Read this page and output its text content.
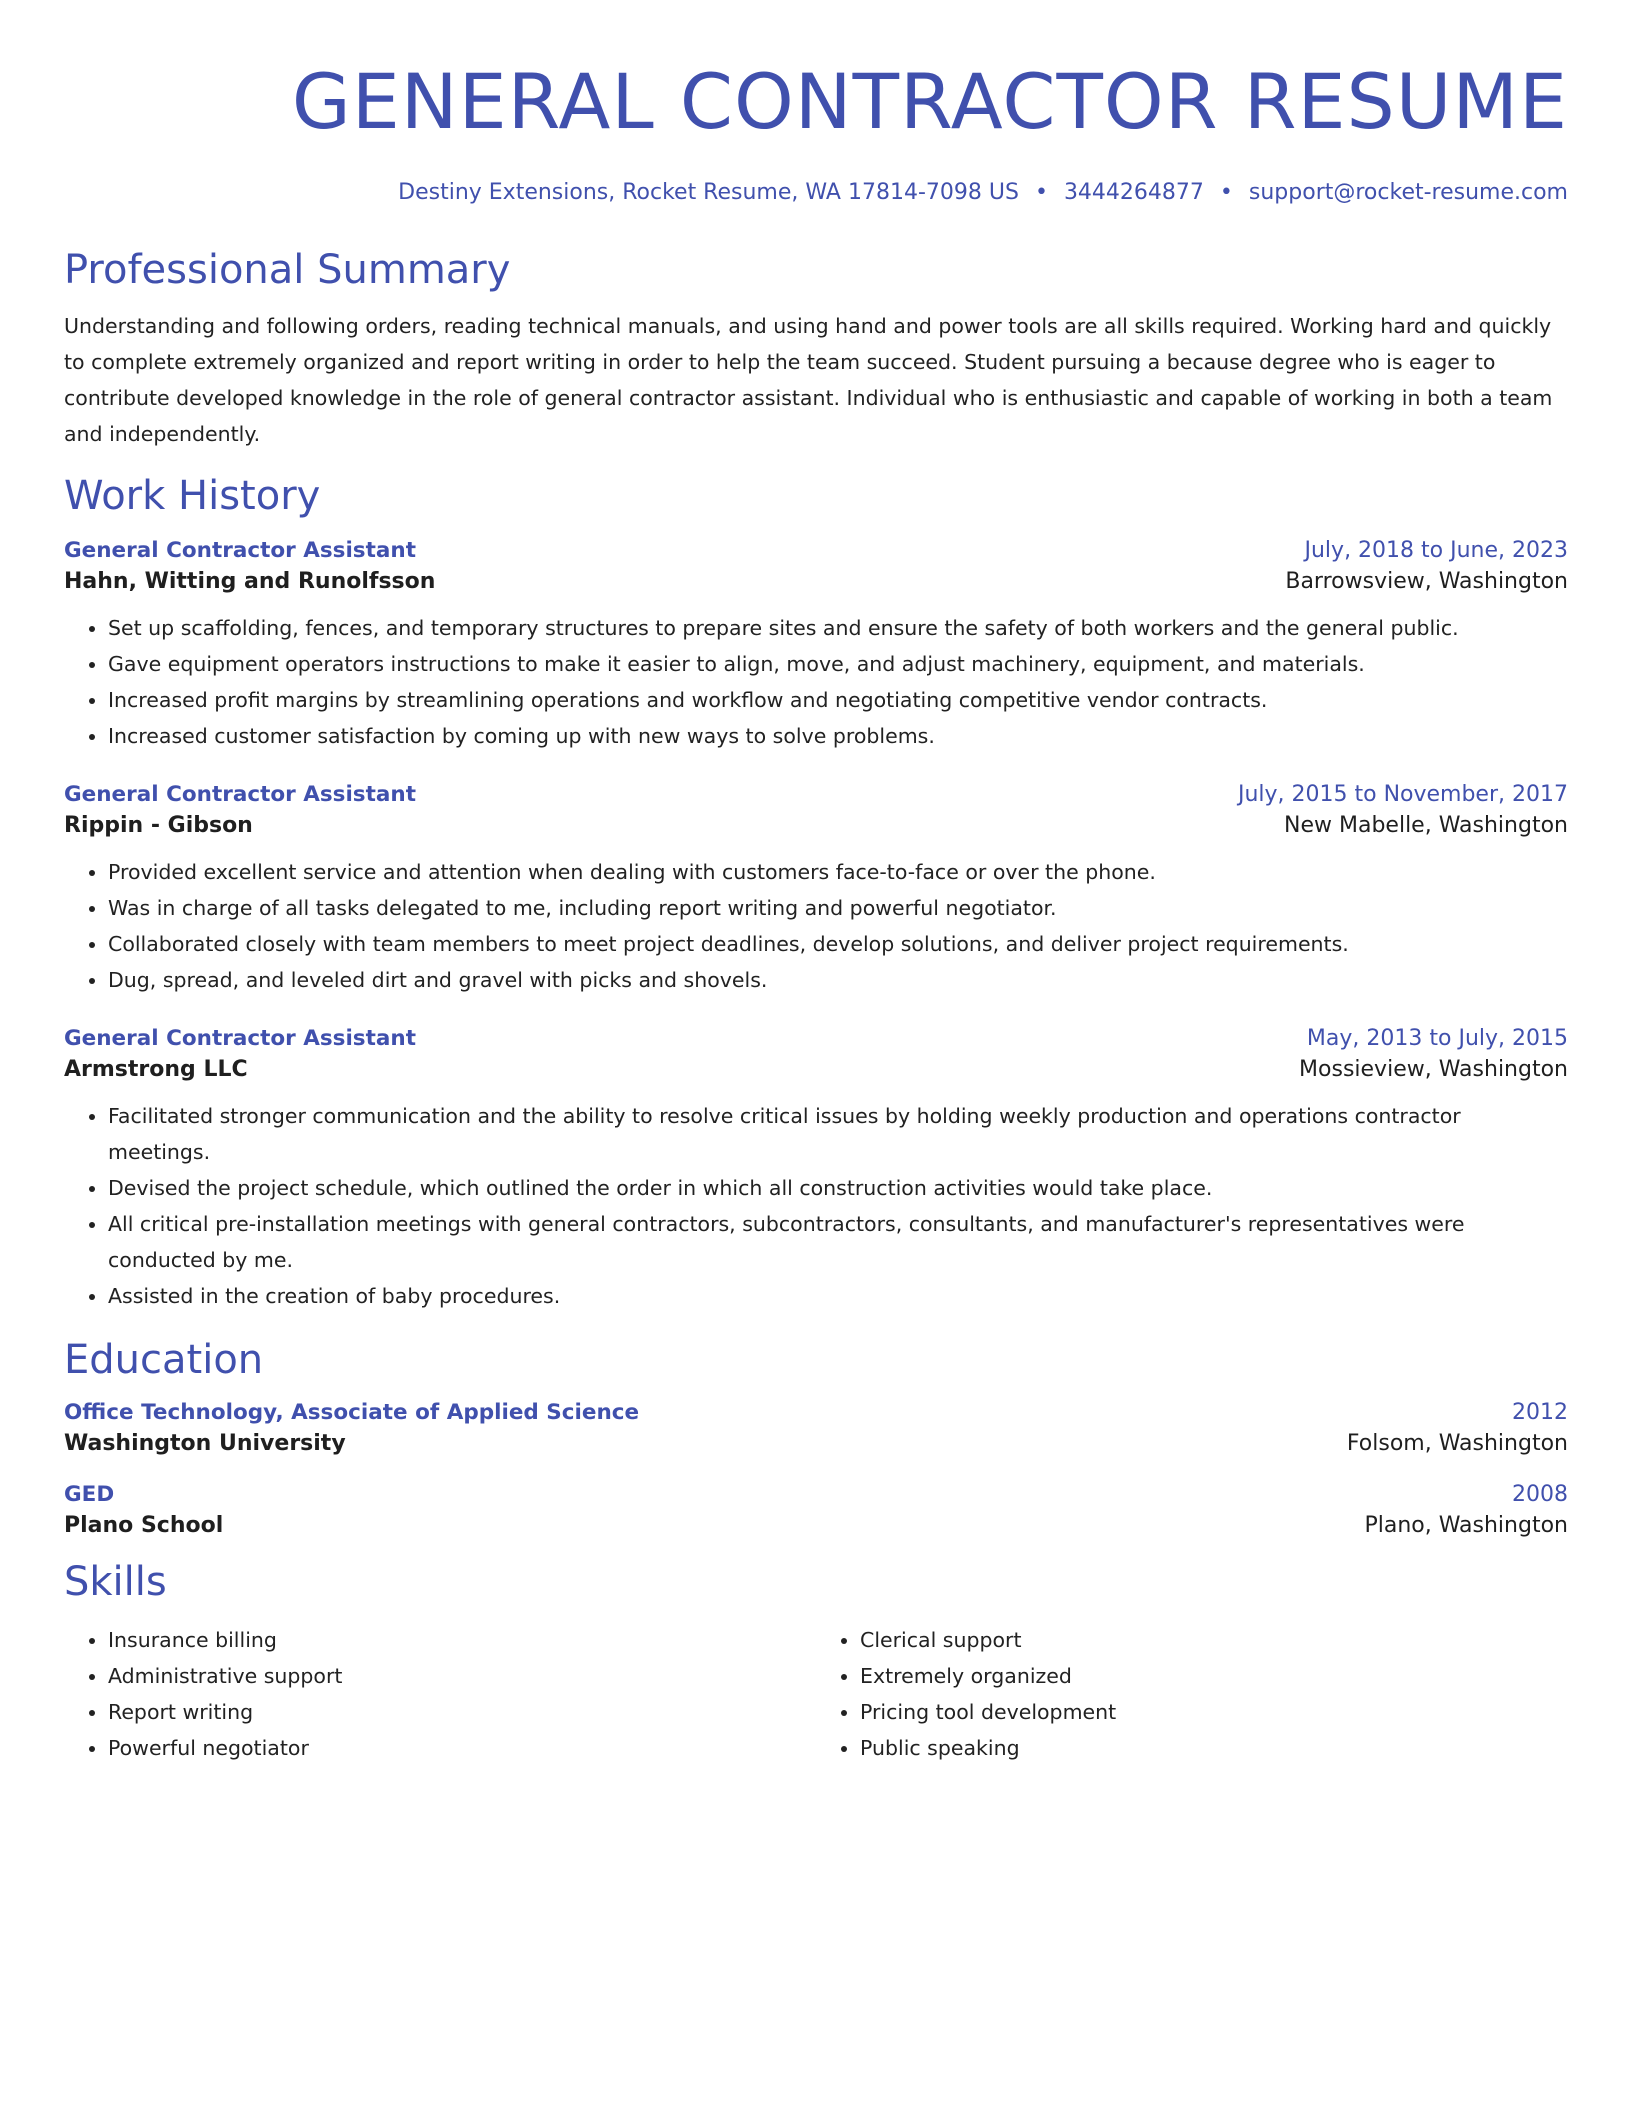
GENERAL CONTRACTOR RESUME
Destiny Extensions, Rocket Resume, WA 17814-7098 US • 3444264877 • support@rocket-resume.com
Professional Summary

Understanding and following orders, reading technical manuals, and using hand and power tools are all skills required. Working hard and quickly to complete extremely organized and report writing in order to help the team succeed. Student pursuing a because degree who is eager to contribute developed knowledge in the role of general contractor assistant. Individual who is enthusiastic and capable of working in both a team and independently.

Work History
General Contractor Assistant	July, 2018 to June, 2023
Hahn, Witting and Runolfsson	Barrowsview, Washington
• Set up scaffolding, fences, and temporary structures to prepare sites and ensure the safety of both workers and the general public.
• Gave equipment operators instructions to make it easier to align, move, and adjust machinery, equipment, and materials.
• Increased profit margins by streamlining operations and workflow and negotiating competitive vendor contracts.
• Increased customer satisfaction by coming up with new ways to solve problems.
General Contractor Assistant	July, 2015 to November, 2017
Rippin - Gibson	New Mabelle, Washington
• Provided excellent service and attention when dealing with customers face-to-face or over the phone.
• Was in charge of all tasks delegated to me, including report writing and powerful negotiator.
• Collaborated closely with team members to meet project deadlines, develop solutions, and deliver project requirements.
• Dug, spread, and leveled dirt and gravel with picks and shovels.
General Contractor Assistant	May, 2013 to July, 2015
Armstrong LLC	Mossieview, Washington
• Facilitated stronger communication and the ability to resolve critical issues by holding weekly production and operations contractor meetings.
• Devised the project schedule, which outlined the order in which all construction activities would take place.
• All critical pre-installation meetings with general contractors, subcontractors, consultants, and manufacturer's representatives were conducted by me.
• Assisted in the creation of baby procedures.
Education
Office Technology, Associate of Applied Science	2012
Washington University	Folsom, Washington
GED	2008
Plano School	Plano, Washington
Skills
• Insurance billing
• Administrative support
• Report writing
• Powerful negotiator
• Clerical support
• Extremely organized
• Pricing tool development
• Public speaking
